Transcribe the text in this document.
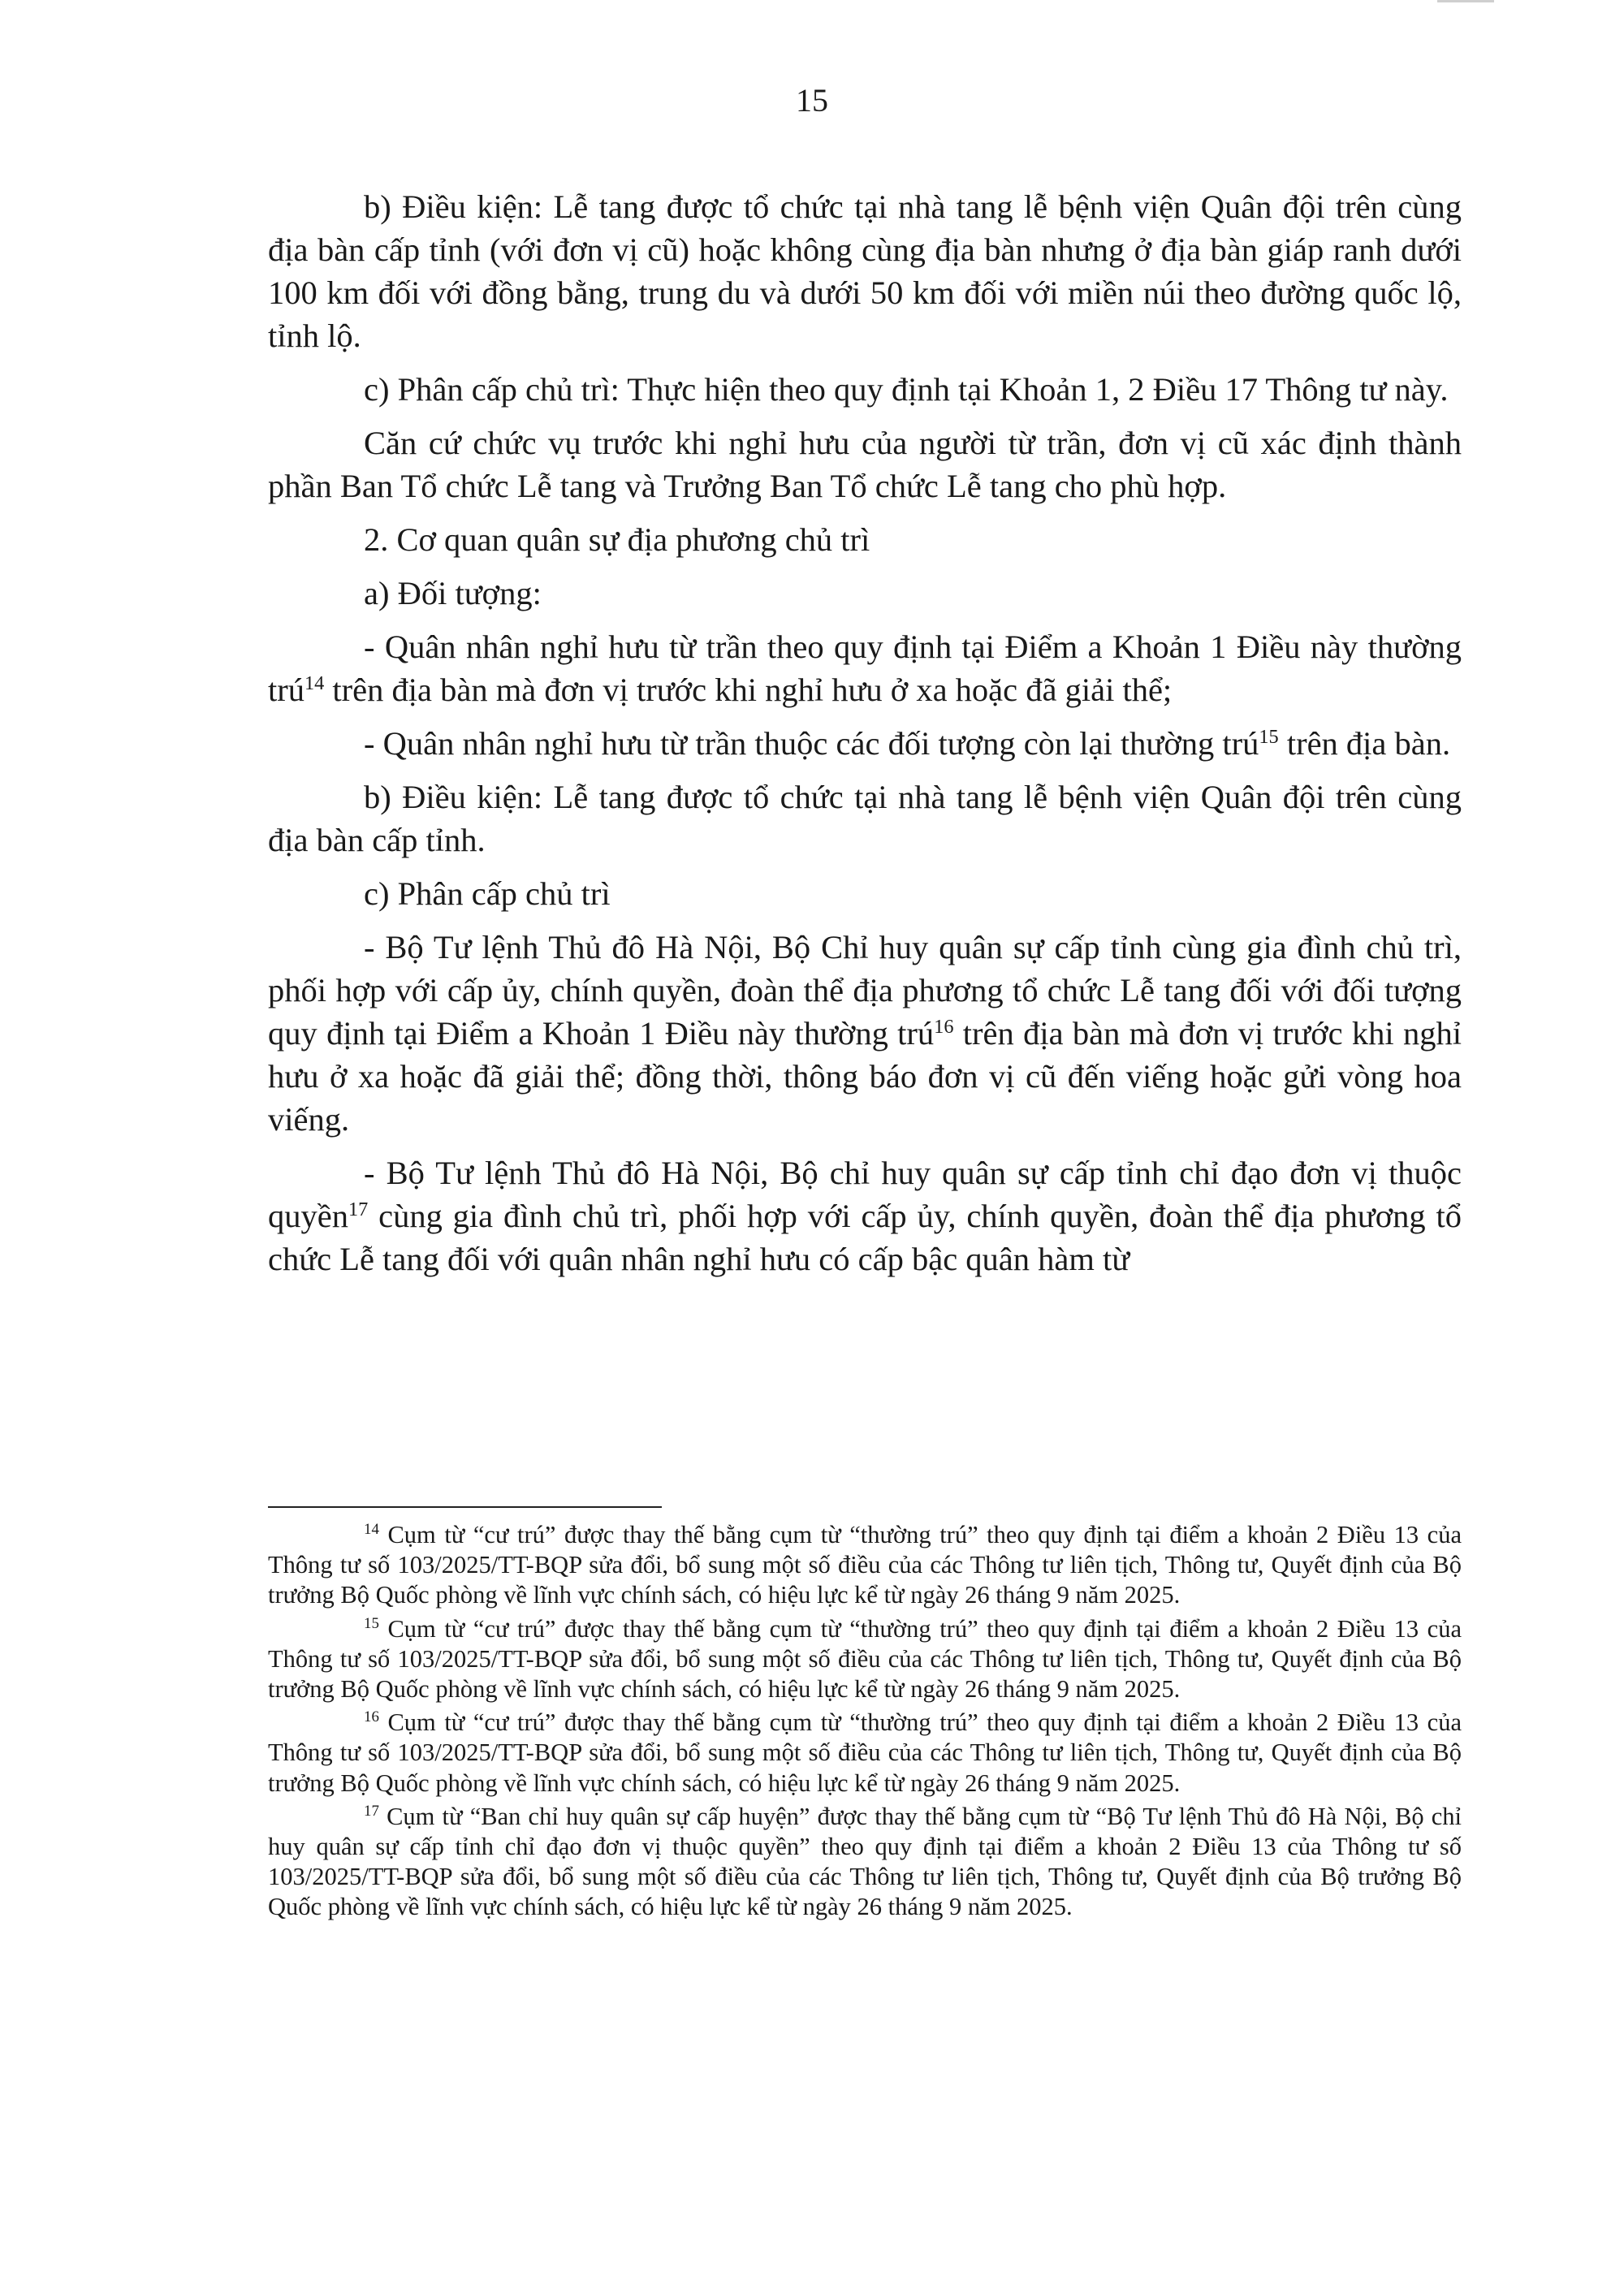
15

b) Điều kiện: Lễ tang được tổ chức tại nhà tang lễ bệnh viện Quân đội trên cùng địa bàn cấp tỉnh (với đơn vị cũ) hoặc không cùng địa bàn nhưng ở địa bàn giáp ranh dưới 100 km đối với đồng bằng, trung du và dưới 50 km đối với miền núi theo đường quốc lộ, tỉnh lộ.

c) Phân cấp chủ trì: Thực hiện theo quy định tại Khoản 1, 2 Điều 17 Thông tư này.

Căn cứ chức vụ trước khi nghỉ hưu của người từ trần, đơn vị cũ xác định thành phần Ban Tổ chức Lễ tang và Trưởng Ban Tổ chức Lễ tang cho phù hợp.

2. Cơ quan quân sự địa phương chủ trì

a) Đối tượng:

- Quân nhân nghỉ hưu từ trần theo quy định tại Điểm a Khoản 1 Điều này thường trú$^{14}$ trên địa bàn mà đơn vị trước khi nghỉ hưu ở xa hoặc đã giải thể;

- Quân nhân nghỉ hưu từ trần thuộc các đối tượng còn lại thường trú$^{15}$ trên địa bàn.

b) Điều kiện: Lễ tang được tổ chức tại nhà tang lễ bệnh viện Quân đội trên cùng địa bàn cấp tỉnh.

c) Phân cấp chủ trì

- Bộ Tư lệnh Thủ đô Hà Nội, Bộ Chỉ huy quân sự cấp tỉnh cùng gia đình chủ trì, phối hợp với cấp ủy, chính quyền, đoàn thể địa phương tổ chức Lễ tang đối với đối tượng quy định tại Điểm a Khoản 1 Điều này thường trú$^{16}$ trên địa bàn mà đơn vị trước khi nghỉ hưu ở xa hoặc đã giải thể; đồng thời, thông báo đơn vị cũ đến viếng hoặc gửi vòng hoa viếng.

- Bộ Tư lệnh Thủ đô Hà Nội, Bộ chỉ huy quân sự cấp tỉnh chỉ đạo đơn vị thuộc quyền$^{17}$ cùng gia đình chủ trì, phối hợp với cấp ủy, chính quyền, đoàn thể địa phương tổ chức Lễ tang đối với quân nhân nghỉ hưu có cấp bậc quân hàm từ

$^{14}$ Cụm từ “cư trú” được thay thế bằng cụm từ “thường trú” theo quy định tại điểm a khoản 2 Điều 13 của Thông tư số 103/2025/TT-BQP sửa đổi, bổ sung một số điều của các Thông tư liên tịch, Thông tư, Quyết định của Bộ trưởng Bộ Quốc phòng về lĩnh vực chính sách, có hiệu lực kể từ ngày 26 tháng 9 năm 2025.

$^{15}$ Cụm từ “cư trú” được thay thế bằng cụm từ “thường trú” theo quy định tại điểm a khoản 2 Điều 13 của Thông tư số 103/2025/TT-BQP sửa đổi, bổ sung một số điều của các Thông tư liên tịch, Thông tư, Quyết định của Bộ trưởng Bộ Quốc phòng về lĩnh vực chính sách, có hiệu lực kể từ ngày 26 tháng 9 năm 2025.

$^{16}$ Cụm từ “cư trú” được thay thế bằng cụm từ “thường trú” theo quy định tại điểm a khoản 2 Điều 13 của Thông tư số 103/2025/TT-BQP sửa đổi, bổ sung một số điều của các Thông tư liên tịch, Thông tư, Quyết định của Bộ trưởng Bộ Quốc phòng về lĩnh vực chính sách, có hiệu lực kể từ ngày 26 tháng 9 năm 2025.

$^{17}$ Cụm từ “Ban chỉ huy quân sự cấp huyện” được thay thế bằng cụm từ “Bộ Tư lệnh Thủ đô Hà Nội, Bộ chỉ huy quân sự cấp tỉnh chỉ đạo đơn vị thuộc quyền” theo quy định tại điểm a khoản 2 Điều 13 của Thông tư số 103/2025/TT-BQP sửa đổi, bổ sung một số điều của các Thông tư liên tịch, Thông tư, Quyết định của Bộ trưởng Bộ Quốc phòng về lĩnh vực chính sách, có hiệu lực kể từ ngày 26 tháng 9 năm 2025.
